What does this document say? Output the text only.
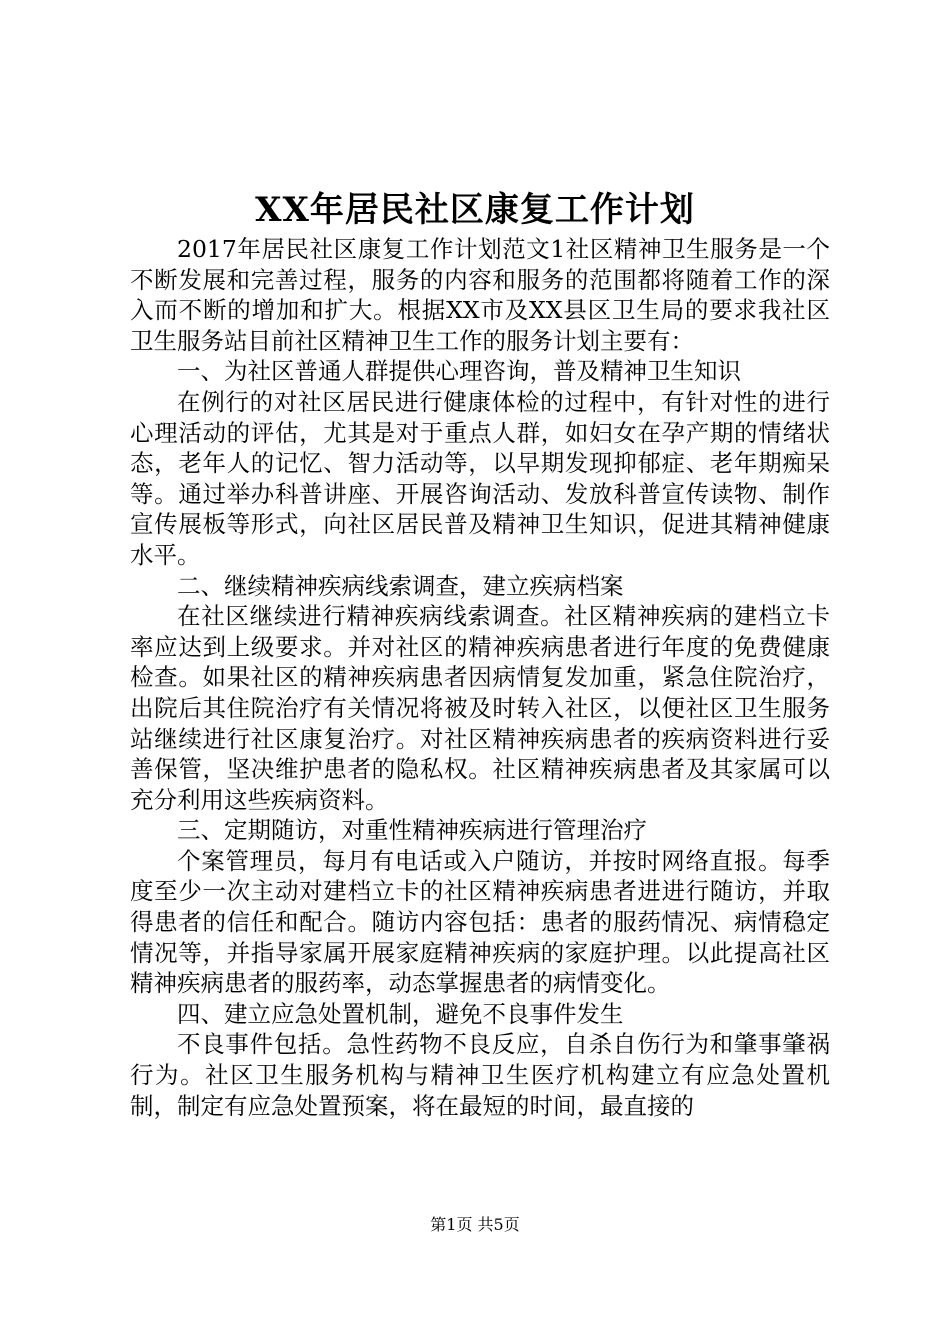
XX年居民社区康复工作计划

2017年居民社区康复工作计划范文1社区精神卫生服务是一个不断发展和完善过程，服务的内容和服务的范围都将随着工作的深入而不断的增加和扩大。根据XX市及XX县区卫生局的要求我社区卫生服务站目前社区精神卫生工作的服务计划主要有：

一、为社区普通人群提供心理咨询，普及精神卫生知识

在例行的对社区居民进行健康体检的过程中，有针对性的进行心理活动的评估，尤其是对于重点人群，如妇女在孕产期的情绪状态，老年人的记忆、智力活动等，以早期发现抑郁症、老年期痴呆等。通过举办科普讲座、开展咨询活动、发放科普宣传读物、制作宣传展板等形式，向社区居民普及精神卫生知识，促进其精神健康水平。

二、继续精神疾病线索调查，建立疾病档案

在社区继续进行精神疾病线索调查。社区精神疾病的建档立卡率应达到上级要求。并对社区的精神疾病患者进行年度的免费健康检查。如果社区的精神疾病患者因病情复发加重，紧急住院治疗，出院后其住院治疗有关情况将被及时转入社区，以便社区卫生服务站继续进行社区康复治疗。对社区精神疾病患者的疾病资料进行妥善保管，坚决维护患者的隐私权。社区精神疾病患者及其家属可以充分利用这些疾病资料。

三、定期随访，对重性精神疾病进行管理治疗

个案管理员，每月有电话或入户随访，并按时网络直报。每季度至少一次主动对建档立卡的社区精神疾病患者进进行随访，并取得患者的信任和配合。随访内容包括：患者的服药情况、病情稳定情况等，并指导家属开展家庭精神疾病的家庭护理。以此提高社区精神疾病患者的服药率，动态掌握患者的病情变化。

四、建立应急处置机制，避免不良事件发生

不良事件包括。急性药物不良反应，自杀自伤行为和肇事肇祸行为。社区卫生服务机构与精神卫生医疗机构建立有应急处置机制，制定有应急处置预案，将在最短的时间，最直接的

第1页 共5页
